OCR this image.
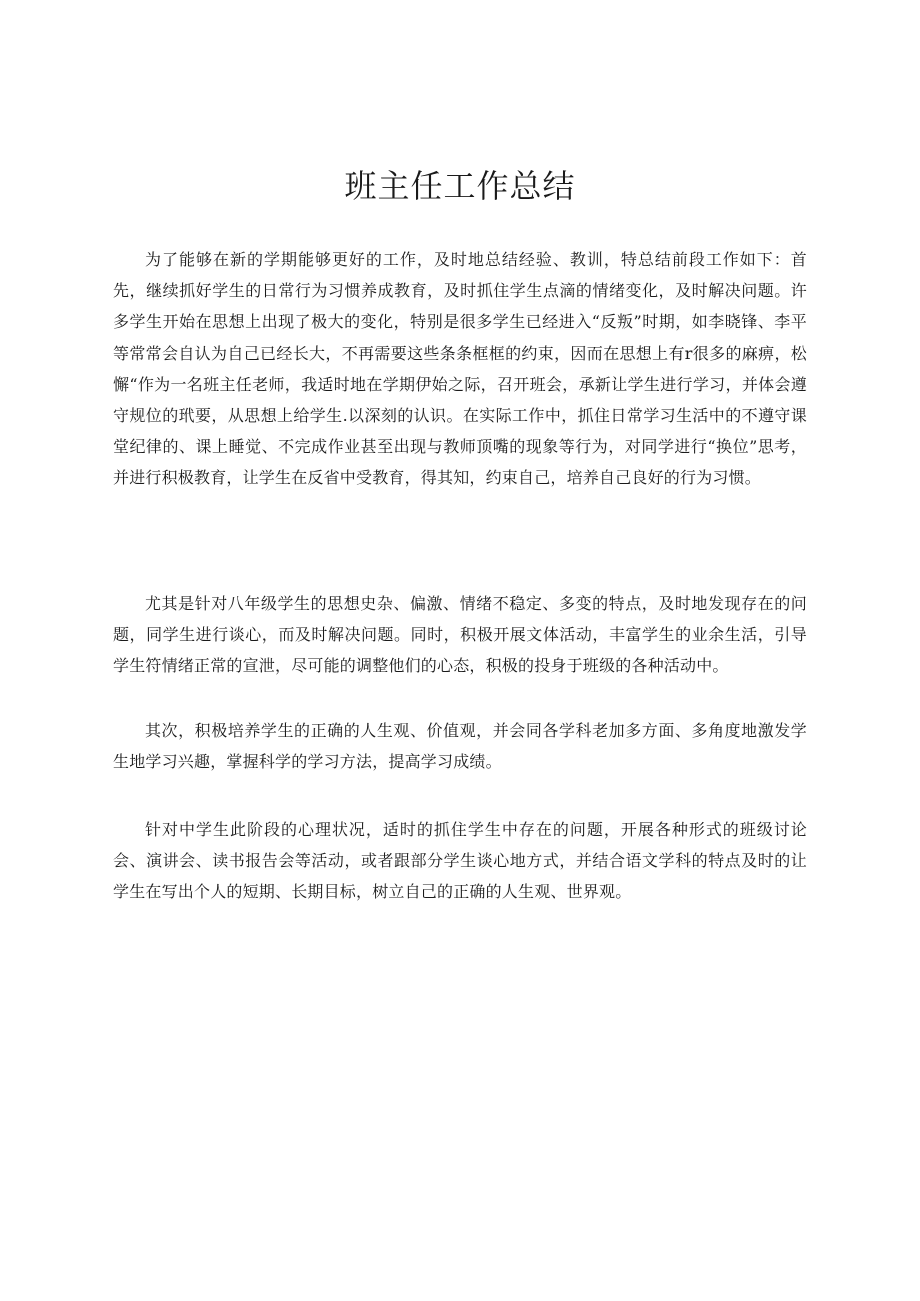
班主任工作总结

为了能够在新的学期能够更好的工作，及时地总结经验、教训，特总结前段工作如下：首先，继续抓好学生的日常行为习惯养成教育，及时抓住学生点滴的情绪变化，及时解决问题。许多学生开始在思想上出现了极大的变化，特别是很多学生已经进入“反叛”时期，如李晓锋、李平等常常会自认为自己已经长大，不再需要这些条条框框的约束，因而在思想上有r很多的麻痹，松懈“作为一名班主任老师，我适时地在学期伊始之际，召开班会，承新让学生进行学习，并体会遵守规位的玳要，从思想上给学生.以深刻的认识。在实际工作中，抓住日常学习生活中的不遵守课堂纪律的、课上睡觉、不完成作业甚至出现与教师顶嘴的现象等行为，对同学进行“换位”思考，并进行积极教育，让学生在反省中受教育，得其知，约束自己，培养自己良好的行为习惯。

尤其是针对八年级学生的思想史杂、偏激、情绪不稳定、多变的特点，及时地发现存在的问题，同学生进行谈心，而及时解决问题。同时，积极开展文体活动，丰富学生的业余生活，引导学生符情绪正常的宣泄，尽可能的调整他们的心态，积极的投身于班级的各种活动中。

其次，积极培养学生的正确的人生观、价值观，并会同各学科老加多方面、多角度地激发学生地学习兴趣，掌握科学的学习方法，提高学习成绩。

针对中学生此阶段的心理状况，适时的抓住学生中存在的问题，开展各种形式的班级讨论会、演讲会、读书报告会等活动，或者跟部分学生谈心地方式，并结合语文学科的特点及时的让学生在写出个人的短期、长期目标，树立自己的正确的人生观、世界观。
